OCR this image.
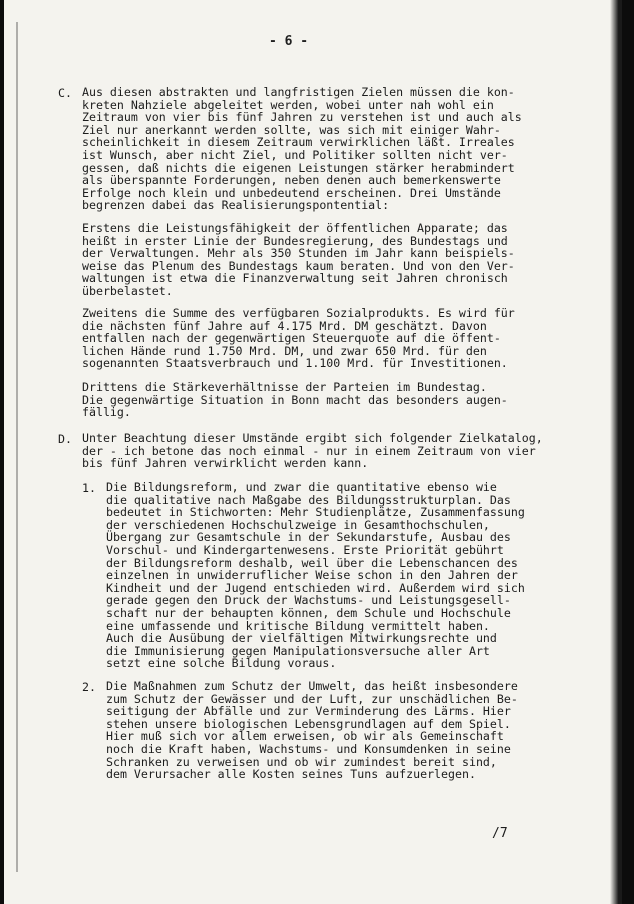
- 6 -
C. Aus diesen abstrakten und langfristigen Zielen müssen die kon-
kreten Nahziele abgeleitet werden, wobei unter nah wohl ein
Zeitraum von vier bis fünf Jahren zu verstehen ist und auch als
Ziel nur anerkannt werden sollte, was sich mit einiger Wahr-
scheinlichkeit in diesem Zeitraum verwirklichen läßt. Irreales
ist Wunsch, aber nicht Ziel, und Politiker sollten nicht ver-
gessen, daß nichts die eigenen Leistungen stärker herabmindert
als überspannte Forderungen, neben denen auch bemerkenswerte
Erfolge noch klein und unbedeutend erscheinen. Drei Umstände
begrenzen dabei das Realisierungspontential:
Erstens die Leistungsfähigkeit der öffentlichen Apparate; das
heißt in erster Linie der Bundesregierung, des Bundestags und
der Verwaltungen. Mehr als 350 Stunden im Jahr kann beispiels-
weise das Plenum des Bundestags kaum beraten. Und von den Ver-
waltungen ist etwa die Finanzverwaltung seit Jahren chronisch
überbelastet.
Zweitens die Summe des verfügbaren Sozialprodukts. Es wird für
die nächsten fünf Jahre auf 4.175 Mrd. DM geschätzt. Davon
entfallen nach der gegenwärtigen Steuerquote auf die öffent-
lichen Hände rund 1.750 Mrd. DM, und zwar 650 Mrd. für den
sogenannten Staatsverbrauch und 1.100 Mrd. für Investitionen.
Drittens die Stärkeverhältnisse der Parteien im Bundestag.
Die gegenwärtige Situation in Bonn macht das besonders augen-
fällig.
D. Unter Beachtung dieser Umstände ergibt sich folgender Zielkatalog,
der - ich betone das noch einmal - nur in einem Zeitraum von vier
bis fünf Jahren verwirklicht werden kann.
1. Die Bildungsreform, und zwar die quantitative ebenso wie
die qualitative nach Maßgabe des Bildungsstrukturplan. Das
bedeutet in Stichworten: Mehr Studienplätze, Zusammenfassung
der verschiedenen Hochschulzweige in Gesamthochschulen,
Übergang zur Gesamtschule in der Sekundarstufe, Ausbau des
Vorschul- und Kindergartenwesens. Erste Priorität gebührt
der Bildungsreform deshalb, weil über die Lebenschancen des
einzelnen in unwiderruflicher Weise schon in den Jahren der
Kindheit und der Jugend entschieden wird. Außerdem wird sich
gerade gegen den Druck der Wachstums- und Leistungsgesell-
schaft nur der behaupten können, dem Schule und Hochschule
eine umfassende und kritische Bildung vermittelt haben.
Auch die Ausübung der vielfältigen Mitwirkungsrechte und
die Immunisierung gegen Manipulationsversuche aller Art
setzt eine solche Bildung voraus.
2. Die Maßnahmen zum Schutz der Umwelt, das heißt insbesondere
zum Schutz der Gewässer und der Luft, zur unschädlichen Be-
seitigung der Abfälle und zur Verminderung des Lärms. Hier
stehen unsere biologischen Lebensgrundlagen auf dem Spiel.
Hier muß sich vor allem erweisen, ob wir als Gemeinschaft
noch die Kraft haben, Wachstums- und Konsumdenken in seine
Schranken zu verweisen und ob wir zumindest bereit sind,
dem Verursacher alle Kosten seines Tuns aufzuerlegen.
/7
